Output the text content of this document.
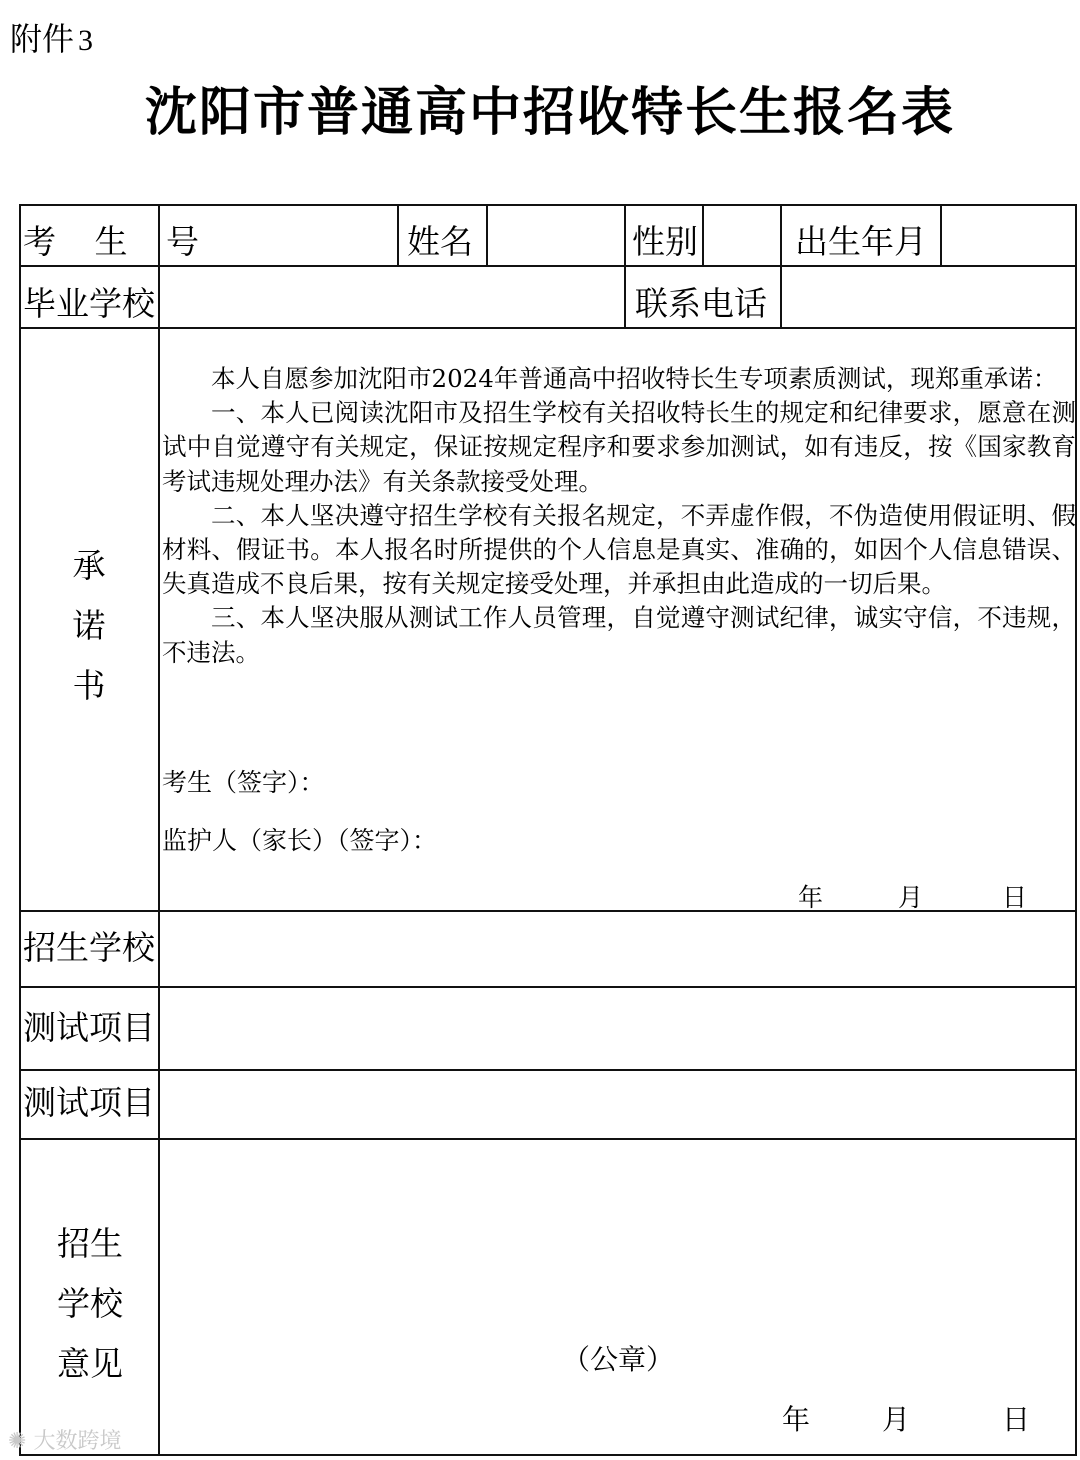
附件 3
沈阳市普通高中招收特长生报名表
考 生 号	姓名	性别	出生年月
毕业学校	联系电话
承
诺
书

本人自愿参加沈阳市2024年普通高中招收特长生专项素质测试，现郑重承诺：

一、本人已阅读沈阳市及招生学校有关招收特长生的规定和纪律要求，愿意在测试中自觉遵守有关规定，保证按规定程序和要求参加测试，如有违反，按《国家教育考试违规处理办法》有关条款接受处理。

二、本人坚决遵守招生学校有关报名规定，不弄虚作假，不伪造使用假证明、假材料、假证书。本人报名时所提供的个人信息是真实、准确的，如因个人信息错误、失真造成不良后果，按有关规定接受处理，并承担由此造成的一切后果。

三、本人坚决服从测试工作人员管理，自觉遵守测试纪律，诚实守信，不违规，不违法。

考生（签字）：
监护人（家长）（签字）：
年	月	日
招生学校
测试项目
测试项目
招生
学校
意见	（公章）
年	月	日
✺ 大数跨境
